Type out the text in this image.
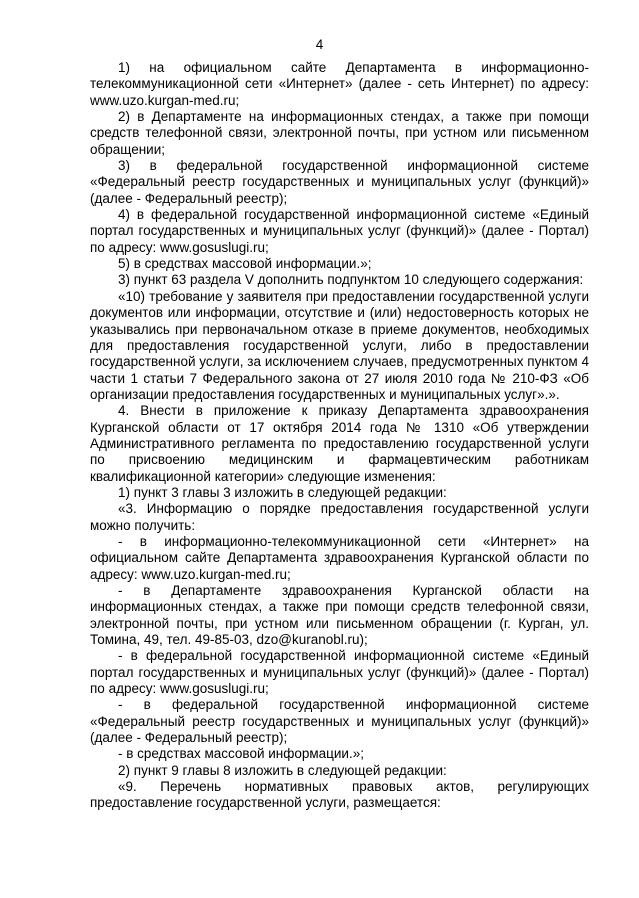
4

1) на официальном сайте Департамента в информационно-телекоммуникационной сети «Интернет» (далее - сеть Интернет) по адресу: www.uzo.kurgan-med.ru;

2) в Департаменте на информационных стендах, а также при помощи средств телефонной связи, электронной почты, при устном или письменном обращении;

3) в федеральной государственной информационной системе «Федеральный реестр государственных и муниципальных услуг (функций)» (далее - Федеральный реестр);

4) в федеральной государственной информационной системе «Единый портал государственных и муниципальных услуг (функций)» (далее - Портал) по адресу: www.gosuslugi.ru;

5) в средствах массовой информации.»;

3) пункт 63 раздела V дополнить подпунктом 10 следующего содержания:

«10) требование у заявителя при предоставлении государственной услуги документов или информации, отсутствие и (или) недостоверность которых не указывались при первоначальном отказе в приеме документов, необходимых для предоставления государственной услуги, либо в предоставлении государственной услуги, за исключением случаев, предусмотренных пунктом 4 части 1 статьи 7 Федерального закона от 27 июля 2010 года № 210-ФЗ «Об организации предоставления государственных и муниципальных услуг».».

4. Внести в приложение к приказу Департамента здравоохранения Курганской области от 17 октября 2014 года № 1310 «Об утверждении Административного регламента по предоставлению государственной услуги по присвоению медицинским и фармацевтическим работникам квалификационной категории» следующие изменения:

1) пункт 3 главы 3 изложить в следующей редакции:

«3. Информацию о порядке предоставления государственной услуги можно получить:

- в информационно-телекоммуникационной сети «Интернет» на официальном сайте Департамента здравоохранения Курганской области по адресу: www.uzo.kurgan-med.ru;

- в Департаменте здравоохранения Курганской области на информационных стендах, а также при помощи средств телефонной связи, электронной почты, при устном или письменном обращении (г. Курган, ул. Томина, 49, тел. 49-85-03, dzo@kuranobl.ru);

- в федеральной государственной информационной системе «Единый портал государственных и муниципальных услуг (функций)» (далее - Портал) по адресу: www.gosuslugi.ru;

- в федеральной государственной информационной системе «Федеральный реестр государственных и муниципальных услуг (функций)» (далее - Федеральный реестр);

- в средствах массовой информации.»;

2) пункт 9 главы 8 изложить в следующей редакции:

«9. Перечень нормативных правовых актов, регулирующих предоставление государственной услуги, размещается:
